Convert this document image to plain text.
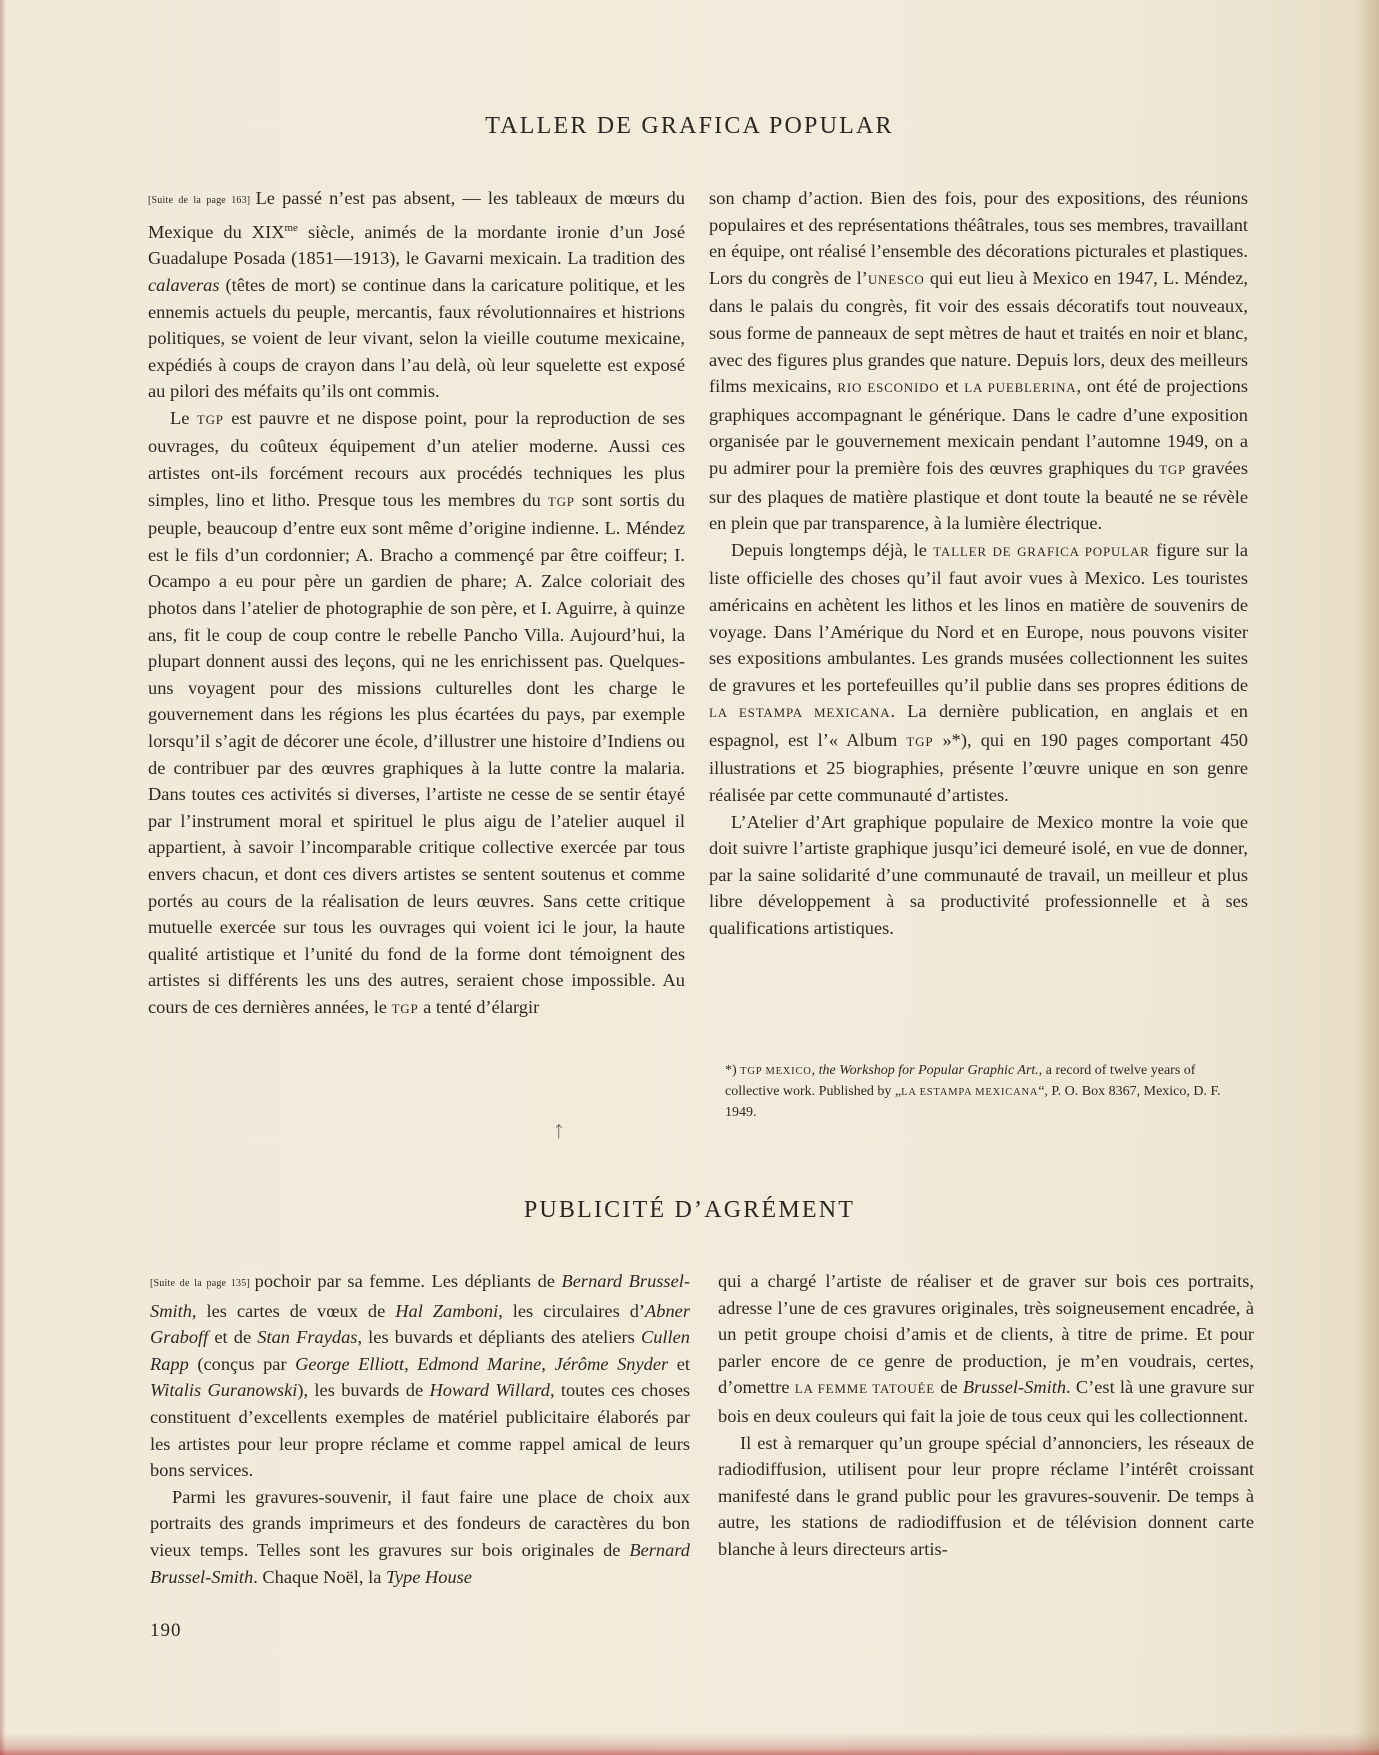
TALLER DE GRAFICA POPULAR

[Suite de la page 163] Le passé n’est pas absent, — les tableaux de mœurs du Mexique du $XIX^{me}$ siècle, animés de la mordante ironie d’un José Guadalupe Posada (1851—1913), le Gavarni mexicain. La tradition des calaveras (têtes de mort) se continue dans la caricature politique, et les ennemis actuels du peuple, mercantis, faux révolutionnaires et histrions politiques, se voient de leur vivant, selon la vieille coutume mexicaine, expédiés à coups de crayon dans l’au delà, où leur squelette est exposé au pilori des méfaits qu’ils ont commis.

Le TGP est pauvre et ne dispose point, pour la reproduction de ses ouvrages, du coûteux équipement d’un atelier moderne. Aussi ces artistes ont-ils forcément recours aux procédés techniques les plus simples, lino et litho. Presque tous les membres du TGP sont sortis du peuple, beaucoup d’entre eux sont même d’origine indienne. L. Méndez est le fils d’un cordonnier; A. Bracho a commençé par être coiffeur; I. Ocampo a eu pour père un gardien de phare; A. Zalce coloriait des photos dans l’atelier de photographie de son père, et I. Aguirre, à quinze ans, fit le coup de coup contre le rebelle Pancho Villa. Aujourd’hui, la plupart donnent aussi des leçons, qui ne les enrichissent pas. Quelques-uns voyagent pour des missions culturelles dont les charge le gouvernement dans les régions les plus écartées du pays, par exemple lorsqu’il s’agit de décorer une école, d’illustrer une histoire d’Indiens ou de contribuer par des œuvres graphiques à la lutte contre la malaria. Dans toutes ces activités si diverses, l’artiste ne cesse de se sentir étayé par l’instrument moral et spirituel le plus aigu de l’atelier auquel il appartient, à savoir l’incomparable critique collective exercée par tous envers chacun, et dont ces divers artistes se sentent soutenus et comme portés au cours de la réalisation de leurs œuvres. Sans cette critique mutuelle exercée sur tous les ouvrages qui voient ici le jour, la haute qualité artistique et l’unité du fond de la forme dont témoignent des artistes si différents les uns des autres, seraient chose impossible. Au cours de ces dernières années, le TGP a tenté d’élargir

son champ d’action. Bien des fois, pour des expositions, des réunions populaires et des représentations théâtrales, tous ses membres, travaillant en équipe, ont réalisé l’ensemble des décorations picturales et plastiques. Lors du congrès de l’UNESCO qui eut lieu à Mexico en 1947, L. Méndez, dans le palais du congrès, fit voir des essais décoratifs tout nouveaux, sous forme de panneaux de sept mètres de haut et traités en noir et blanc, avec des figures plus grandes que nature. Depuis lors, deux des meilleurs films mexicains, RIO ESCONIDO et LA PUEBLERINA, ont été de projections graphiques accompagnant le générique. Dans le cadre d’une exposition organisée par le gouvernement mexicain pendant l’automne 1949, on a pu admirer pour la première fois des œuvres graphiques du TGP gravées sur des plaques de matière plastique et dont toute la beauté ne se révèle en plein que par transparence, à la lumière électrique.

Depuis longtemps déjà, le TALLER DE GRAFICA POPULAR figure sur la liste officielle des choses qu’il faut avoir vues à Mexico. Les touristes américains en achètent les lithos et les linos en matière de souvenirs de voyage. Dans l’Amérique du Nord et en Europe, nous pouvons visiter ses expositions ambulantes. Les grands musées collectionnent les suites de gravures et les portefeuilles qu’il publie dans ses propres éditions de LA ESTAMPA MEXICANA. La dernière publication, en anglais et en espagnol, est l’« Album TGP »*), qui en 190 pages comportant 450 illustrations et 25 biographies, présente l’œuvre unique en son genre réalisée par cette communauté d’artistes.

L’Atelier d’Art graphique populaire de Mexico montre la voie que doit suivre l’artiste graphique jusqu’ici demeuré isolé, en vue de donner, par la saine solidarité d’une communauté de travail, un meilleur et plus libre développement à sa productivité professionnelle et à ses qualifications artistiques.

*) TGP MEXICO, the Workshop for Popular Graphic Art., a record of twelve years of collective work. Published by „LA ESTAMPA MEXICANA“, P. O. Box 8367, Mexico, D. F. 1949.
ᛏ
PUBLICITÉ D’AGRÉMENT

[Suite de la page 135] pochoir par sa femme. Les dépliants de Bernard Brussel-Smith, les cartes de vœux de Hal Zamboni, les circulaires d’Abner Graboff et de Stan Fraydas, les buvards et dépliants des ateliers Cullen Rapp (conçus par George Elliott, Edmond Marine, Jérôme Snyder et Witalis Guranowski), les buvards de Howard Willard, toutes ces choses constituent d’excellents exemples de matériel publicitaire élaborés par les artistes pour leur propre réclame et comme rappel amical de leurs bons services.

Parmi les gravures-souvenir, il faut faire une place de choix aux portraits des grands imprimeurs et des fondeurs de caractères du bon vieux temps. Telles sont les gravures sur bois originales de Bernard Brussel-Smith. Chaque Noël, la Type House

qui a chargé l’artiste de réaliser et de graver sur bois ces portraits, adresse l’une de ces gravures originales, très soigneusement encadrée, à un petit groupe choisi d’amis et de clients, à titre de prime. Et pour parler encore de ce genre de production, je m’en voudrais, certes, d’omettre LA FEMME TATOUÉE de Brussel-Smith. C’est là une gravure sur bois en deux couleurs qui fait la joie de tous ceux qui les collectionnent.

Il est à remarquer qu’un groupe spécial d’annonciers, les réseaux de radiodiffusion, utilisent pour leur propre réclame l’intérêt croissant manifesté dans le grand public pour les gravures-souvenir. De temps à autre, les stations de radiodiffusion et de télévision donnent carte blanche à leurs directeurs artis-

190
